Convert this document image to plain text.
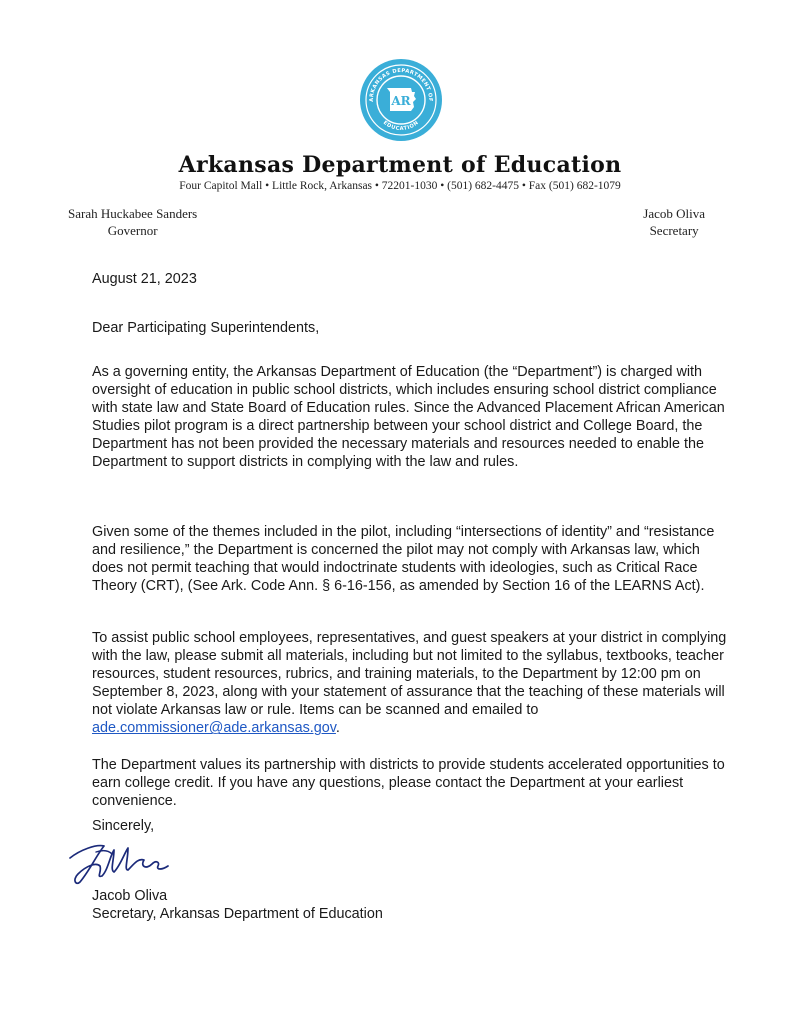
ARKANSAS DEPARTMENT OF
EDUCATION
AR
Arkansas Department of Education
Four Capitol Mall • Little Rock, Arkansas • 72201-1030 • (501) 682-4475 • Fax (501) 682-1079
Sarah Huckabee Sanders
Governor
Jacob Oliva
Secretary
August 21, 2023
Dear Participating Superintendents,

As a governing entity, the Arkansas Department of Education (the “Department”) is charged with oversight of education in public school districts, which includes ensuring school district compliance with state law and State Board of Education rules. Since the Advanced Placement African American Studies pilot program is a direct partnership between your school district and College Board, the Department has not been provided the necessary materials and resources needed to enable the Department to support districts in complying with the law and rules.

Given some of the themes included in the pilot, including “intersections of identity” and “resistance and resilience,” the Department is concerned the pilot may not comply with Arkansas law, which does not permit teaching that would indoctrinate students with ideologies, such as Critical Race Theory (CRT), (See Ark. Code Ann. § 6-16-156, as amended by Section 16 of the LEARNS Act).

To assist public school employees, representatives, and guest speakers at your district in complying with the law, please submit all materials, including but not limited to the syllabus, textbooks, teacher resources, student resources, rubrics, and training materials, to the Department by 12:00 pm on September 8, 2023, along with your statement of assurance that the teaching of these materials will not violate Arkansas law or rule. Items can be scanned and emailed to ade.commissioner@ade.arkansas.gov.

The Department values its partnership with districts to provide students accelerated opportunities to earn college credit. If you have any questions, please contact the Department at your earliest convenience.

Sincerely,
Jacob Oliva
Secretary, Arkansas Department of Education
